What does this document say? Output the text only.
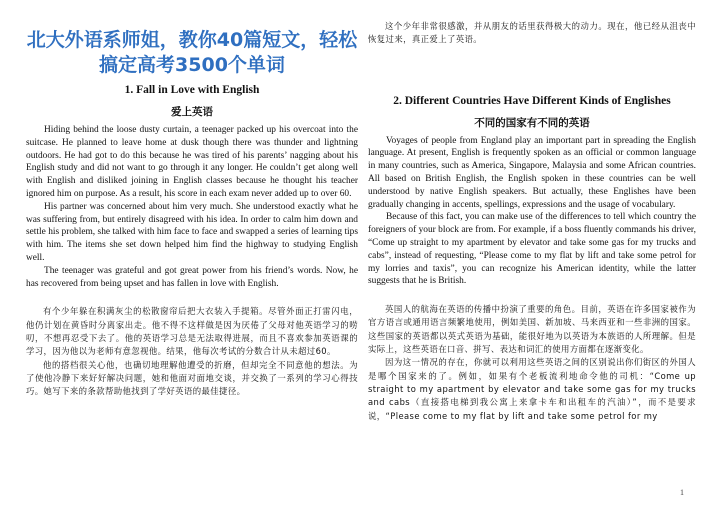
北大外语系师姐，教你40篇短文，轻松搞定高考3500个单词
1. Fall in Love with English
爱上英语

Hiding behind the loose dusty curtain, a teenager packed up his overcoat into the suitcase. He planned to leave home at dusk though there was thunder and lightning outdoors. He had got to do this because he was tired of his parents’ nagging about his English study and did not want to go through it any longer. He couldn’t get along well with English and disliked joining in English classes because he thought his teacher ignored him on purpose. As a result, his score in each exam never added up to over 60.

His partner was concerned about him very much. She understood exactly what he was suffering from, but entirely disagreed with his idea. In order to calm him down and settle his problem, she talked with him face to face and swapped a series of learning tips with him. The items she set down helped him find the highway to studying English well.

The teenager was grateful and got great power from his friend’s words. Now, he has recovered from being upset and has fallen in love with English.

有个少年躲在积满灰尘的松散窗帘后把大衣装入手提箱。尽管外面正打雷闪电，他仍计划在黄昏时分离家出走。他不得不这样做是因为厌倦了父母对他英语学习的唠叨，不想再忍受下去了。他的英语学习总是无法取得进展，而且不喜欢参加英语课的学习，因为他以为老师有意忽视他。结果，他每次考试的分数合计从未超过60。

他的搭档很关心他，也确切地理解他遭受的折磨，但却完全不同意他的想法。为了使他冷静下来好好解决问题，她和他面对面地交谈，并交换了一系列的学习心得技巧。她写下来的条款帮助他找到了学好英语的最佳捷径。

这个少年非常很感激，并从朋友的话里获得极大的动力。现在，他已经从沮丧中恢复过来，真正爱上了英语。

2. Different Countries Have Different Kinds of Englishes
不同的国家有不同的英语

Voyages of people from England play an important part in spreading the English language. At present, English is frequently spoken as an official or common language in many countries, such as America, Singapore, Malaysia and some African countries. All based on British English, the English spoken in these countries can be well understood by native English speakers. But actually, these Englishes have been gradually changing in accents, spellings, expressions and the usage of vocabulary.

Because of this fact, you can make use of the differences to tell which country the foreigners of your block are from. For example, if a boss fluently commands his driver, “Come up straight to my apartment by elevator and take some gas for my trucks and cabs”, instead of requesting, “Please come to my flat by lift and take some petrol for my lorries and taxis”, you can recognize his American identity, while the latter suggests that he is British.

英国人的航海在英语的传播中扮演了重要的角色。目前，英语在许多国家被作为官方语言或通用语言频繁地使用，例如美国、新加坡、马来西亚和一些非洲的国家。这些国家的英语都以英式英语为基础，能很好地为以英语为本族语的人所理解。但是实际上，这些英语在口音、拼写、表达和词汇的使用方面都在逐渐变化。

因为这一情况的存在，你就可以利用这些英语之间的区别说出你们街区的外国人是哪个国家来的了。例如，如果有个老板流利地命令他的司机：“Come up straight to my apartment by elevator and take some gas for my trucks and cabs（直接搭电梯到我公寓上来拿卡车和出租车的汽油）”，而不是要求说，“Please come to my flat by lift and take some petrol for my

1
